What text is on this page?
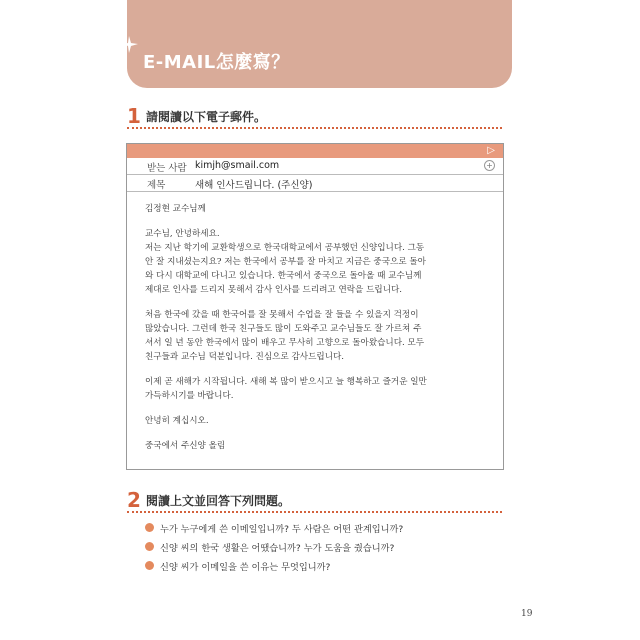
E-MAIL怎麼寫？
1 請閱讀以下電子郵件。
▷
받는 사람 kimjh@smail.com	+
제목	새해 인사드립니다. (주신양)

김정현 교수님께

교수님, 안녕하세요.
저는 지난 학기에 교환학생으로 한국대학교에서 공부했던 신양입니다. 그동
안 잘 지내셨는지요? 저는 한국에서 공부를 잘 마치고 지금은 중국으로 돌아
와 다시 대학교에 다니고 있습니다. 한국에서 중국으로 돌아올 때 교수님께
제대로 인사를 드리지 못해서 감사 인사를 드리려고 연락을 드립니다.

처음 한국에 갔을 때 한국어를 잘 못해서 수업을 잘 들을 수 있을지 걱정이
많았습니다. 그런데 한국 친구들도 많이 도와주고 교수님들도 잘 가르쳐 주
셔서 일 년 동안 한국에서 많이 배우고 무사히 고향으로 돌아왔습니다. 모두
친구들과 교수님 덕분입니다. 진심으로 감사드립니다.

이제 곧 새해가 시작됩니다. 새해 복 많이 받으시고 늘 행복하고 즐거운 일만
가득하시기를 바랍니다.

안녕히 계십시오.

중국에서 주신양 올림

2 閱讀上文並回答下列問題。
누가 누구에게 쓴 이메일입니까? 두 사람은 어떤 관계입니까?
신양 씨의 한국 생활은 어땠습니까? 누가 도움을 줬습니까?
신양 씨가 이메일을 쓴 이유는 무엇입니까?
19
